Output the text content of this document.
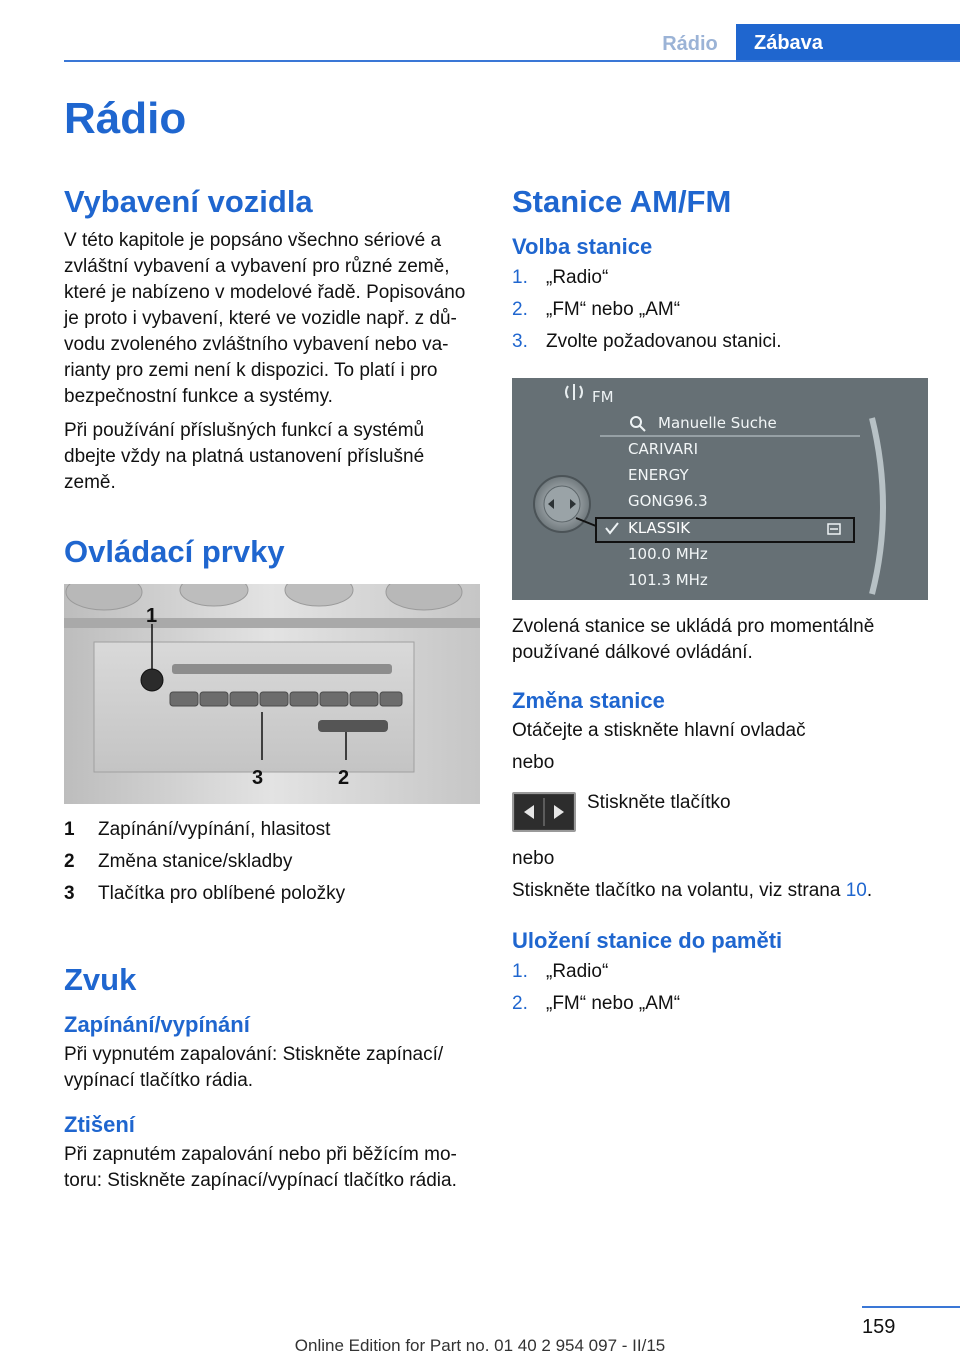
Rádio	Zábava
Rádio
Vybavení vozidla
V této kapitole je popsáno všechno sériové a
zvláštní vybavení a vybavení pro různé země,
které je nabízeno v modelové řadě. Popisováno
je proto i vybavení, které ve vozidle např. z dů-
vodu zvoleného zvláštního vybavení nebo va-
rianty pro zemi není k dispozici. To platí i pro
bezpečnostní funkce a systémy.
Při používání příslušných funkcí a systémů
dbejte vždy na platná ustanovení příslušné
země.
Ovládací prvky
1
3	2
1	Zapínání/vypínání, hlasitost
2	Změna stanice/skladby
3	Tlačítka pro oblíbené položky
Zvuk
Zapínání/vypínání
Při vypnutém zapalování: Stiskněte zapínací/
vypínací tlačítko rádia.
Ztišení
Při zapnutém zapalování nebo při běžícím mo-
toru: Stiskněte zapínací/vypínací tlačítko rádia.
Stanice AM/FM
Volba stanice
1. „Radio“
2. „FM“ nebo „AM“
3. Zvolte požadovanou stanici.
FM
Manuelle Suche
CARIVARI
ENERGY
GONG96.3
KLASSIK
100.0 MHz
101.3 MHz
Zvolená stanice se ukládá pro momentálně
používané dálkové ovládání.
Změna stanice
Otáčejte a stiskněte hlavní ovladač
nebo
Stiskněte tlačítko
nebo
Stiskněte tlačítko na volantu, viz strana 10.
Uložení stanice do paměti
1. „Radio“
2. „FM“ nebo „AM“
159
Online Edition for Part no. 01 40 2 954 097 - II/15
